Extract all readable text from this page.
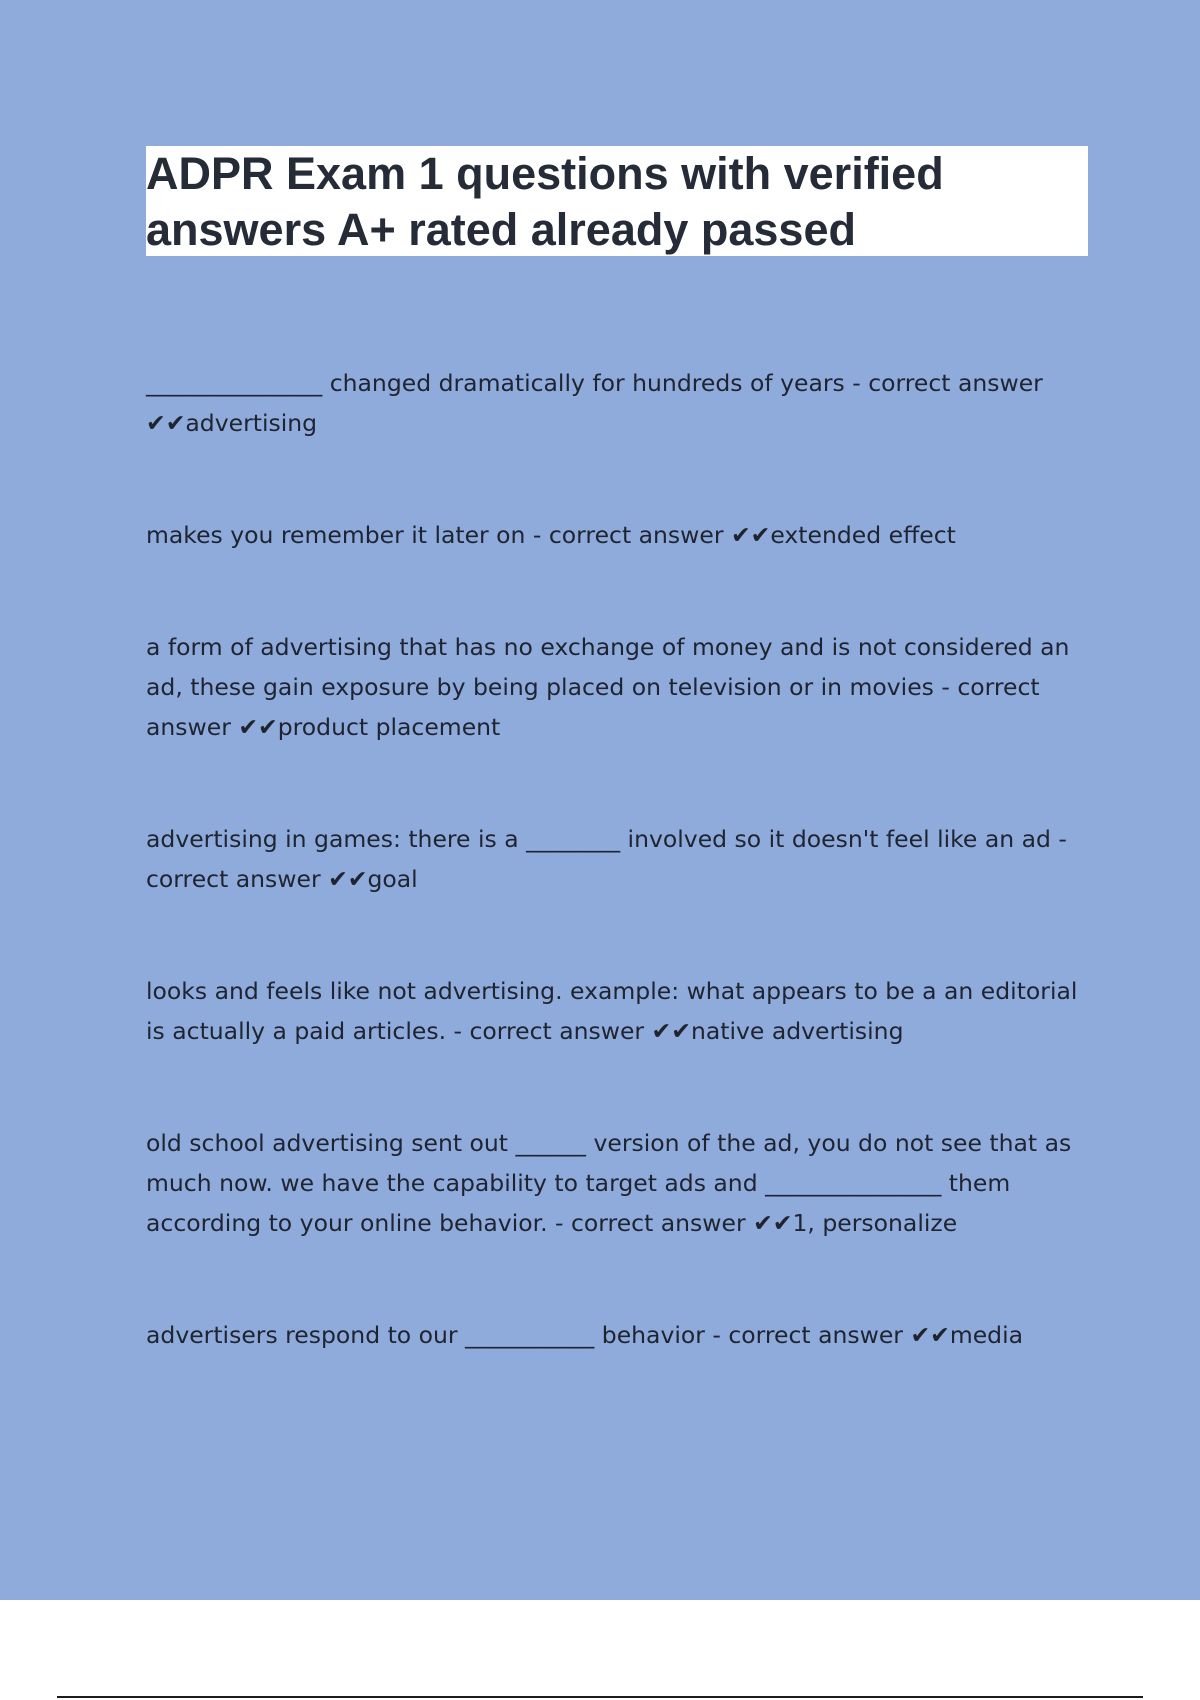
ADPR Exam 1 questions with verified answers A+ rated already passed
_______________ changed dramatically for hundreds of years - correct answer ✔✔advertising
makes you remember it later on - correct answer ✔✔extended effect
a form of advertising that has no exchange of money and is not considered an ad, these gain exposure by being placed on television or in movies - correct answer ✔✔product placement
advertising in games: there is a ________ involved so it doesn't feel like an ad - correct answer ✔✔goal
looks and feels like not advertising. example: what appears to be a an editorial is actually a paid articles. - correct answer ✔✔native advertising
old school advertising sent out ______ version of the ad, you do not see that as much now. we have the capability to target ads and _______________ them according to your online behavior. - correct answer ✔✔1, personalize
advertisers respond to our ___________ behavior - correct answer ✔✔media
